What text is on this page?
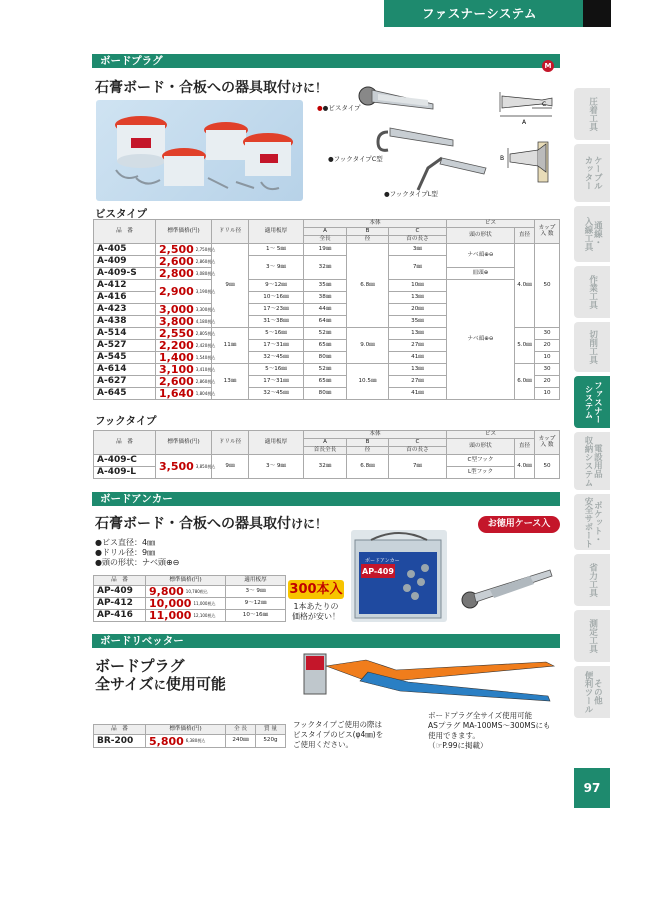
ファスナーシステム
ボードプラグ	M
石膏ボード・合板への器具取付けに！
●●ビスタイプ
●フックタイプC型
●フックタイプL型
C
A
B
ビスタイプ
品　番	標準価格(円)	ドリル径	適用板厚	本体			ビス		カップ入 数
				A	B	C	頭の形状	直径	
				全長	径	首の長さ			
A-405	2,500 2,750税込	9㎜	1〜 5㎜	19㎜	6.8㎜	3㎜	ナベ頭⊕⊖	4.0㎜	50
A-409	2,600 2,860税込		3〜 9㎜	32㎜		7㎜			
A-409-S	2,800 3,080税込						皿頭⊕		
A-412	2,900 3,190税込		9〜12㎜	35㎜		10㎜	ナベ頭⊕⊖		
A-416			10〜16㎜	38㎜		13㎜			
A-423	3,000 3,300税込		17〜23㎜	44㎜		20㎜			
A-438	3,800 4,180税込		31〜38㎜	64㎜		35㎜			
A-514	2,550 2,805税込	11㎜	5〜16㎜	52㎜	9.0㎜	13㎜		5.0㎜	30
A-527	2,200 2,420税込		17〜31㎜	65㎜		27㎜			20
A-545	1,400 1,540税込		32〜45㎜	80㎜		41㎜			10
A-614	3,100 3,410税込	13㎜	5〜16㎜	52㎜	10.5㎜	13㎜		6.0㎜	30
A-627	2,600 2,860税込		17〜31㎜	65㎜		27㎜			20
A-645	1,640 1,804税込		32〜45㎜	80㎜		41㎜			10
フックタイプ
品　番	標準価格(円)	ドリル径	適用板厚	本体			ビス		カップ入 数
				A	B	C	頭の形状	直径	
				首長全長	径	首の長さ			
A-409-C	3,500 3,850税込	9㎜	3〜 9㎜	32㎜	6.8㎜	7㎜	C型フック	4.0㎜	50
A-409-L							L型フック		
ボードアンカー
石膏ボード・合板への器具取付けに！	お徳用ケース入
●ビス直径：4㎜
●ドリル径：9㎜
●頭の形状：ナベ頭⊕⊖
品　番	標準価格(円)	適用板厚
AP-409	9,800 10,780税込	3〜 9㎜
AP-412	10,000 11,000税込	9〜12㎜
AP-416	11,000 12,100税込	10〜16㎜
300本入
1本あたりの
価格が安い！
ボードアンカー
AP-409
ボードリベッター
ボードプラグ
全サイズに使用可能
MARVEL
品　番	標準価格(円)	全 長	質 量
BR-200	5,800 6,380税込	240㎜	520g
フックタイプご使用の際は
ビスタイプのビス(φ4㎜)を
ご使用ください。
ボードプラグ全サイズ使用可能
ASプラグ MA-100MS〜300MSにも
使用できます。
（☞P.99に掲載）
圧着工具
ケーブル
カッター
通線・
入線工具
作業工具
切削工具
ファスナー
システム
電設用品
収納システム
ポケット・
安全サポート
省力工具
測定工具
その他
便利ツール
97
